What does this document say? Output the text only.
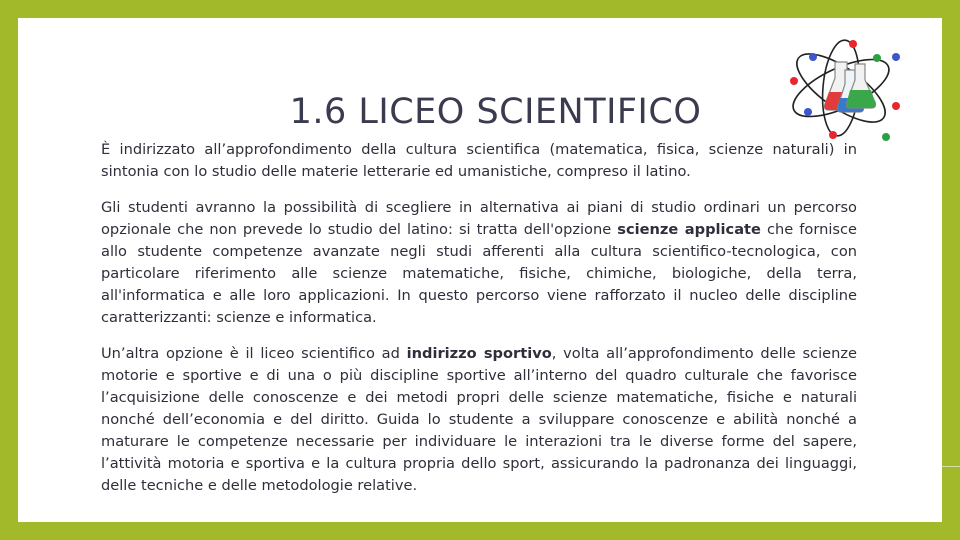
1.6 LICEO SCIENTIFICO

È indirizzato all’approfondimento della cultura scientifica (matematica, fisica, scienze naturali) in sintonia con lo studio delle materie letterarie ed umanistiche, compreso il latino.

Gli studenti avranno la possibilità di scegliere in alternativa ai piani di studio ordinari un percorso opzionale che non prevede lo studio del latino: si tratta dell'opzione scienze applicate che fornisce allo studente competenze avanzate negli studi afferenti alla cultura scientifico-tecnologica, con particolare riferimento alle scienze matematiche, fisiche, chimiche, biologiche, della terra, all'informatica e alle loro applicazioni. In questo percorso viene rafforzato il nucleo delle discipline caratterizzanti: scienze e informatica.

Un’altra opzione è il liceo scientifico ad indirizzo sportivo, volta all’approfondimento delle scienze motorie e sportive e di una o più discipline sportive all’interno del quadro culturale che favorisce l’acquisizione delle conoscenze e dei metodi propri delle scienze matematiche, fisiche e naturali nonché dell’economia e del diritto. Guida lo studente a sviluppare conoscenze e abilità nonché a maturare le competenze necessarie per individuare le interazioni tra le diverse forme del sapere, l’attività motoria e sportiva e la cultura propria dello sport, assicurando la padronanza dei linguaggi, delle tecniche e delle metodologie relative.
